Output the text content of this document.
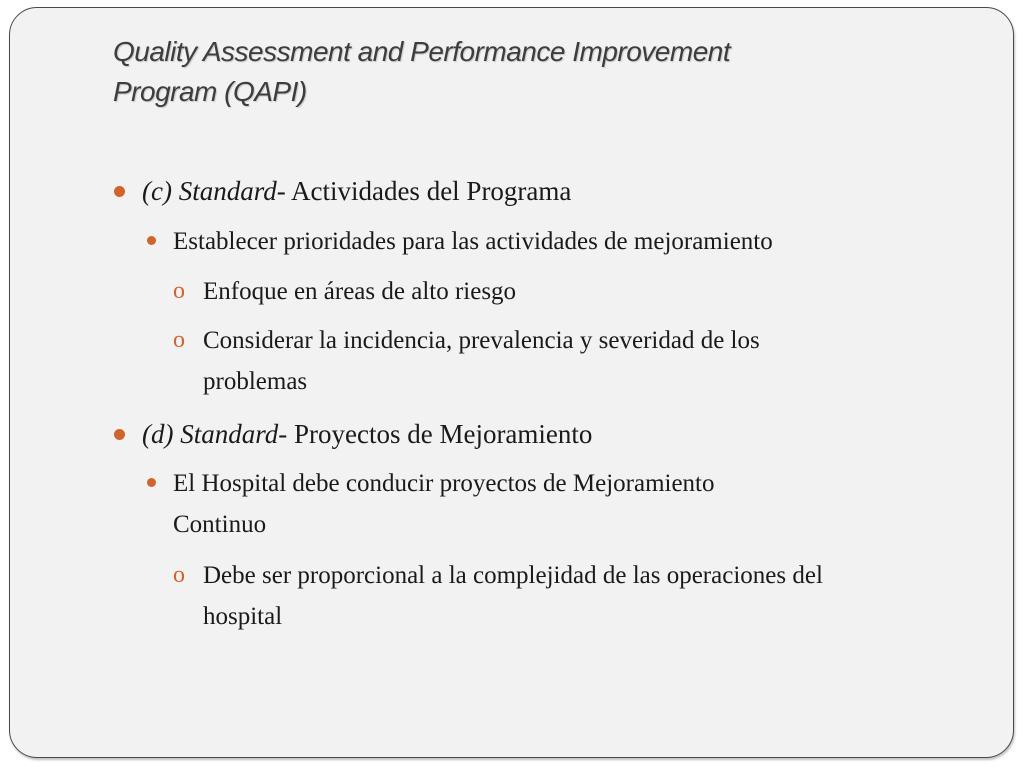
Quality Assessment and Performance Improvement
Program (QAPI)
(c) Standard- Actividades del Programa
Establecer prioridades para las actividades de mejoramiento
o Enfoque en áreas de alto riesgo
o Considerar la incidencia, prevalencia y severidad de los
problemas
(d) Standard- Proyectos de Mejoramiento
El Hospital debe conducir proyectos de Mejoramiento
Continuo
o Debe ser proporcional a la complejidad de las operaciones del
hospital
